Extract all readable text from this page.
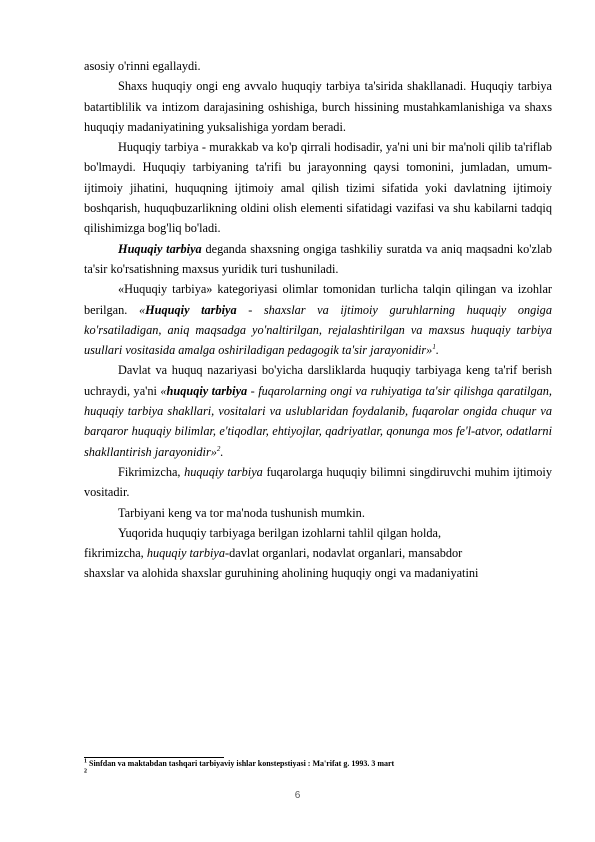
asosiy o'rinni egallaydi.

Shaxs huquqiy ongi eng avvalo huquqiy tarbiya ta'sirida shakllanadi. Huquqiy tarbiya batartiblilik va intizom darajasining oshishiga, burch hissining mustahkamlanishiga va shaxs huquqiy madaniyatining yuksalishiga yordam beradi.

Huquqiy tarbiya - murakkab va ko'p qirrali hodisadir, ya'ni uni bir ma'noli qilib ta'riflab bo'lmaydi. Huquqiy tarbiyaning ta'rifi bu jarayonning qaysi tomonini, jumladan, umum-ijtimoiy jihatini, huquqning ijtimoiy amal qilish tizimi sifatida yoki davlatning ijtimoiy boshqarish, huquqbuzarlikning oldini olish elementi sifatidagi vazifasi va shu kabilarni tadqiq qilishimizga bog'liq bo'ladi.

Huquqiy tarbiya deganda shaxsning ongiga tashkiliy suratda va aniq maqsadni ko'zlab ta'sir ko'rsatishning maxsus yuridik turi tushuniladi.

«Huquqiy tarbiya» kategoriyasi olimlar tomonidan turlicha talqin qilingan va izohlar berilgan. «Huquqiy tarbiya - shaxslar va ijtimoiy guruhlarning huquqiy ongiga ko'rsatiladigan, aniq maqsadga yo'naltirilgan, rejalashtirilgan va maxsus huquqiy tarbiya usullari vositasida amalga oshiriladigan pedagogik ta'sir jarayonidir»$^1$.

Davlat va huquq nazariyasi bo'yicha darsliklarda huquqiy tarbiyaga keng ta'rif berish uchraydi, ya'ni «huquqiy tarbiya - fuqarolarning ongi va ruhiyatiga ta'sir qilishga qaratilgan, huquqiy tarbiya shakllari, vositalari va uslublaridan foydalanib, fuqarolar ongida chuqur va barqaror huquqiy bilimlar, e'tiqodlar, ehtiyojlar, qadriyatlar, qonunga mos fe'l-atvor, odatlarni shakllantirish jarayonidir»$^2$.

Fikrimizcha, huquqiy tarbiya fuqarolarga huquqiy bilimni singdiruvchi muhim ijtimoiy vositadir.

Tarbiyani keng va tor ma'noda tushunish mumkin.

Yuqorida huquqiy tarbiyaga berilgan izohlarni tahlil qilgan holda,

fikrimizcha, huquqiy tarbiya-davlat organlari, nodavlat organlari, mansabdor

shaxslar va alohida shaxslar guruhining aholining huquqiy ongi va madaniyatini

$^1$ Sinfdan va maktabdan tashqari tarbiyaviy ishlar konstepstiyasi : Ma'rifat g. 1993. 3 mart

$^2$

6
